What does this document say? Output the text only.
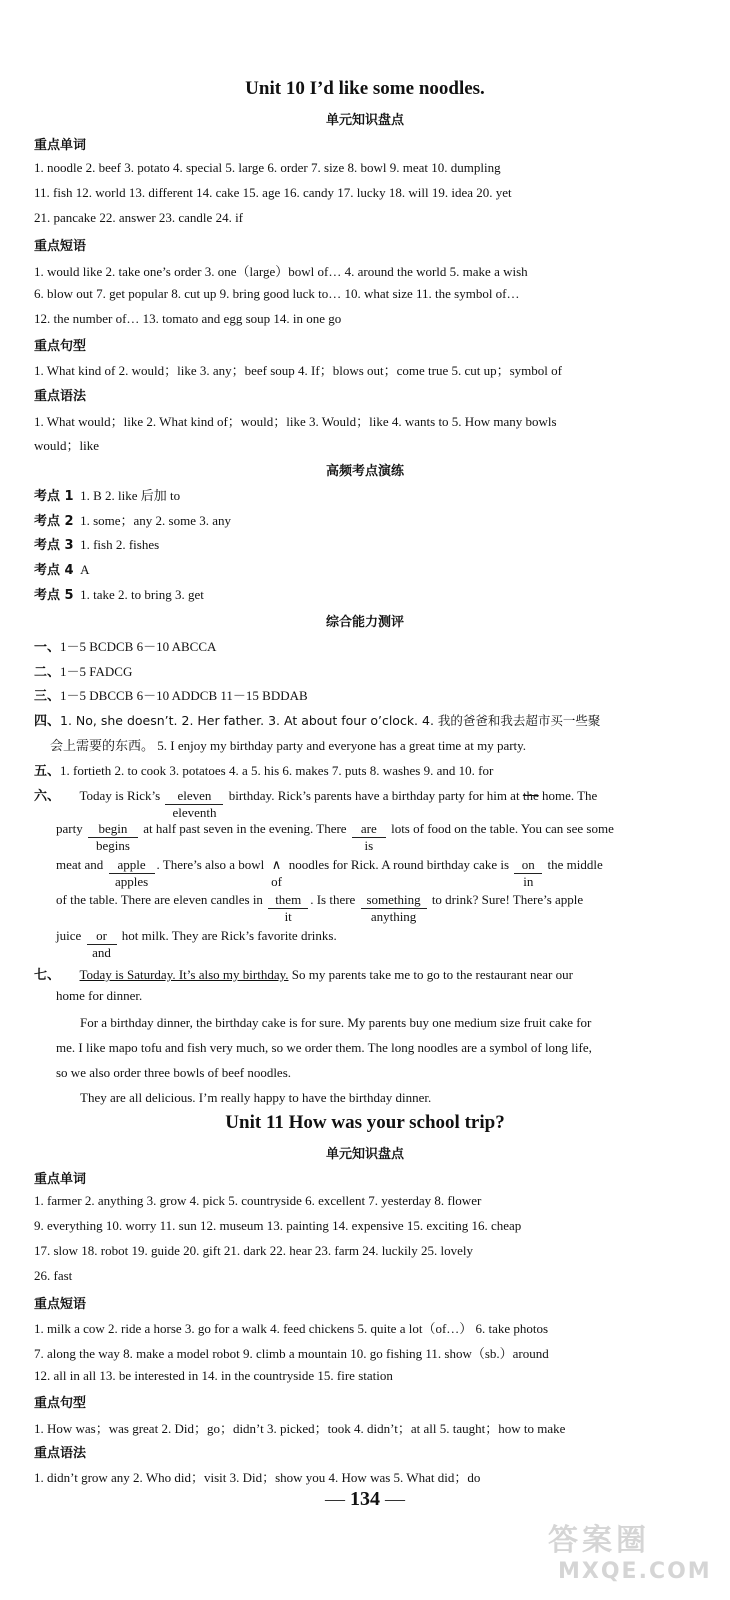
Unit 10 I’d like some noodles.
单元知识盘点
重点单词
1. noodle 2. beef 3. potato 4. special 5. large 6. order 7. size 8. bowl 9. meat 10. dumpling
11. fish 12. world 13. different 14. cake 15. age 16. candy 17. lucky 18. will 19. idea 20. yet
21. pancake 22. answer 23. candle 24. if
重点短语
1. would like 2. take one’s order 3. one（large）bowl of… 4. around the world 5. make a wish
6. blow out 7. get popular 8. cut up 9. bring good luck to… 10. what size 11. the symbol of…
12. the number of… 13. tomato and egg soup 14. in one go
重点句型
1. What kind of 2. would；like 3. any；beef soup 4. If；blows out；come true 5. cut up；symbol of
重点语法
1. What would；like 2. What kind of；would；like 3. Would；like 4. wants to 5. How many bowls
would；like
高频考点演练
考点 1 1. B 2. like 后加 to
考点 2 1. some；any 2. some 3. any
考点 3 1. fish 2. fishes
考点 4 A
考点 5 1. take 2. to bring 3. get
综合能力测评
一、1－5 BCDCB 6－10 ABCCA
二、1－5 FADCG
三、1－5 DBCCB 6－10 ADDCB 11－15 BDDAB
四、1. No, she doesn’t. 2. Her father. 3. At about four o’clock. 4. 我的爸爸和我去超市买一些聚
会上需要的东西。 5. I enjoy my birthday party and everyone has a great time at my party.
五、1. fortieth 2. to cook 3. potatoes 4. a 5. his 6. makes 7. puts 8. washes 9. and 10. for
六、 Today is Rick’s eleven
eleventh
birthday. Rick’s parents have a birthday party for him at the home. The
party begin
begins
at half past seven in the evening. There are
is
lots of food on the table. You can see some
meat and apple
apples
. There’s also a bowl ∧
of
noodles for Rick. A round birthday cake is on
in
the middle
of the table. There are eleven candles in them
it
. Is there something
anything
to drink? Sure! There’s apple
juice or
and
hot milk. They are Rick’s favorite drinks.
七、 Today is Saturday. It’s also my birthday. So my parents take me to go to the restaurant near our
home for dinner.
For a birthday dinner, the birthday cake is for sure. My parents buy one medium size fruit cake for
me. I like mapo tofu and fish very much, so we order them. The long noodles are a symbol of long life,
so we also order three bowls of beef noodles.
They are all delicious. I’m really happy to have the birthday dinner.
Unit 11 How was your school trip?
单元知识盘点
重点单词
1. farmer 2. anything 3. grow 4. pick 5. countryside 6. excellent 7. yesterday 8. flower
9. everything 10. worry 11. sun 12. museum 13. painting 14. expensive 15. exciting 16. cheap
17. slow 18. robot 19. guide 20. gift 21. dark 22. hear 23. farm 24. luckily 25. lovely
26. fast
重点短语
1. milk a cow 2. ride a horse 3. go for a walk 4. feed chickens 5. quite a lot（of…） 6. take photos
7. along the way 8. make a model robot 9. climb a mountain 10. go fishing 11. show（sb.）around
12. all in all 13. be interested in 14. in the countryside 15. fire station
重点句型
1. How was；was great 2. Did；go；didn’t 3. picked；took 4. didn’t；at all 5. taught；how to make
重点语法
1. didn’t grow any 2. Who did；visit 3. Did；show you 4. How was 5. What did；do
— 134 —
答案圈
MXQE.COM
